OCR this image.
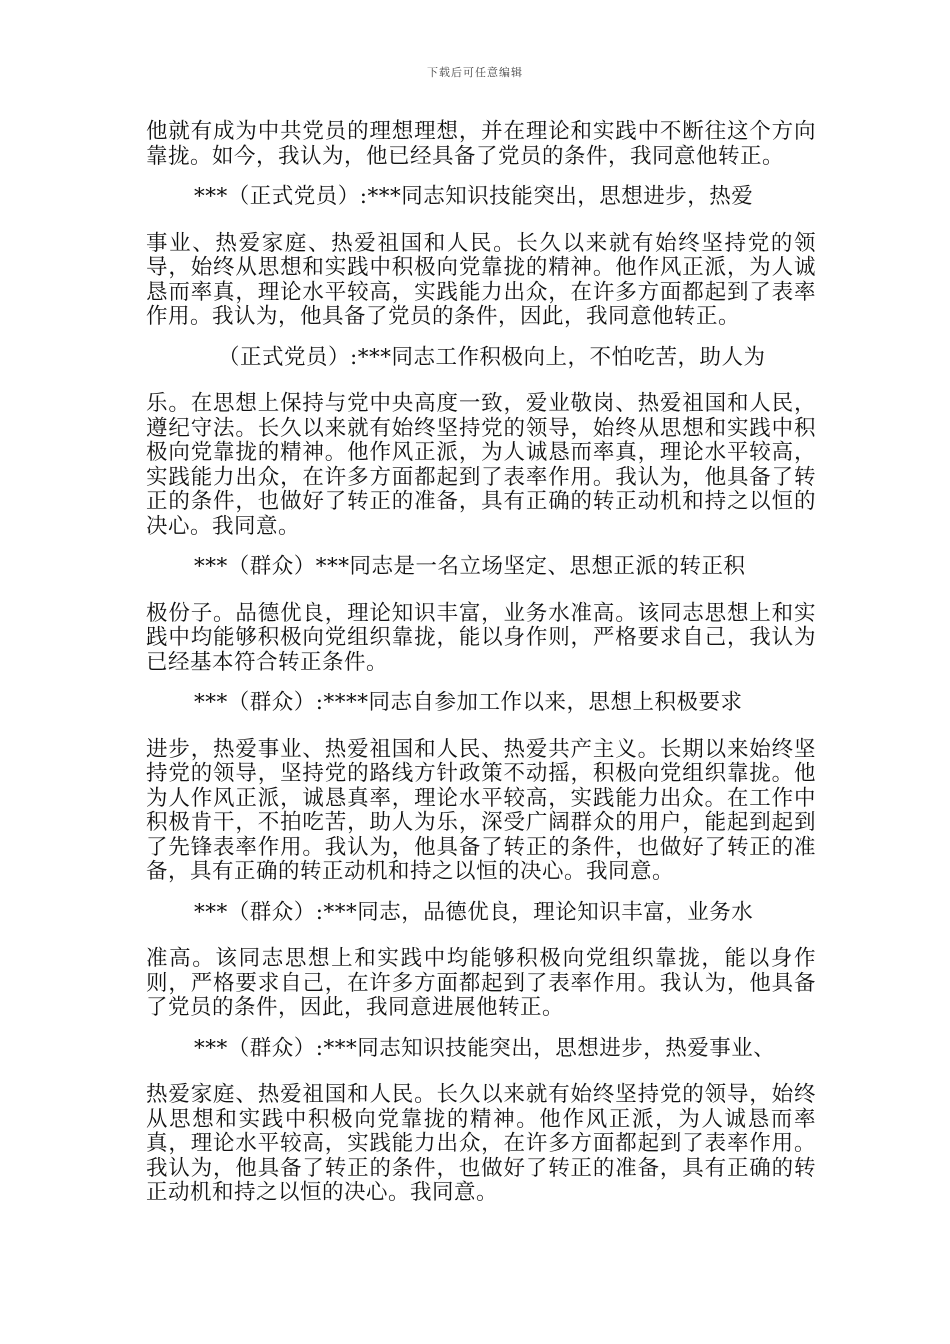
下载后可任意编辑

他就有成为中共党员的理想理想，并在理论和实践中不断往这个方向靠拢。如今，我认为，他已经具备了党员的条件，我同意他转正。

***（正式党员）:***同志知识技能突出，思想进步，热爱

事业、热爱家庭、热爱祖国和人民。长久以来就有始终坚持党的领导，始终从思想和实践中积极向党靠拢的精神。他作风正派，为人诚恳而率真，理论水平较高，实践能力出众，在许多方面都起到了表率作用。我认为，他具备了党员的条件，因此，我同意他转正。

（正式党员）:***同志工作积极向上，不怕吃苦，助人为

乐。在思想上保持与党中央高度一致，爱业敬岗、热爱祖国和人民，遵纪守法。长久以来就有始终坚持党的领导，始终从思想和实践中积极向党靠拢的精神。他作风正派，为人诚恳而率真，理论水平较高，实践能力出众，在许多方面都起到了表率作用。我认为，他具备了转正的条件，也做好了转正的准备，具有正确的转正动机和持之以恒的决心。我同意。

***（群众）***同志是一名立场坚定、思想正派的转正积

极份子。品德优良，理论知识丰富，业务水准高。该同志思想上和实践中均能够积极向党组织靠拢，能以身作则，严格要求自己，我认为已经基本符合转正条件。

***（群众）:****同志自参加工作以来，思想上积极要求

进步，热爱事业、热爱祖国和人民、热爱共产主义。长期以来始终坚持党的领导，坚持党的路线方针政策不动摇，积极向党组织靠拢。他为人作风正派，诚恳真率，理论水平较高，实践能力出众。在工作中积极肯干，不拍吃苦，助人为乐，深受广阔群众的用户，能起到起到了先锋表率作用。我认为，他具备了转正的条件，也做好了转正的准备，具有正确的转正动机和持之以恒的决心。我同意。

***（群众）:***同志，品德优良，理论知识丰富，业务水

准高。该同志思想上和实践中均能够积极向党组织靠拢，能以身作则，严格要求自己，在许多方面都起到了表率作用。我认为，他具备了党员的条件，因此，我同意进展他转正。

***（群众）:***同志知识技能突出，思想进步，热爱事业、

热爱家庭、热爱祖国和人民。长久以来就有始终坚持党的领导，始终从思想和实践中积极向党靠拢的精神。他作风正派，为人诚恳而率真，理论水平较高，实践能力出众，在许多方面都起到了表率作用。我认为，他具备了转正的条件，也做好了转正的准备，具有正确的转正动机和持之以恒的决心。我同意。
